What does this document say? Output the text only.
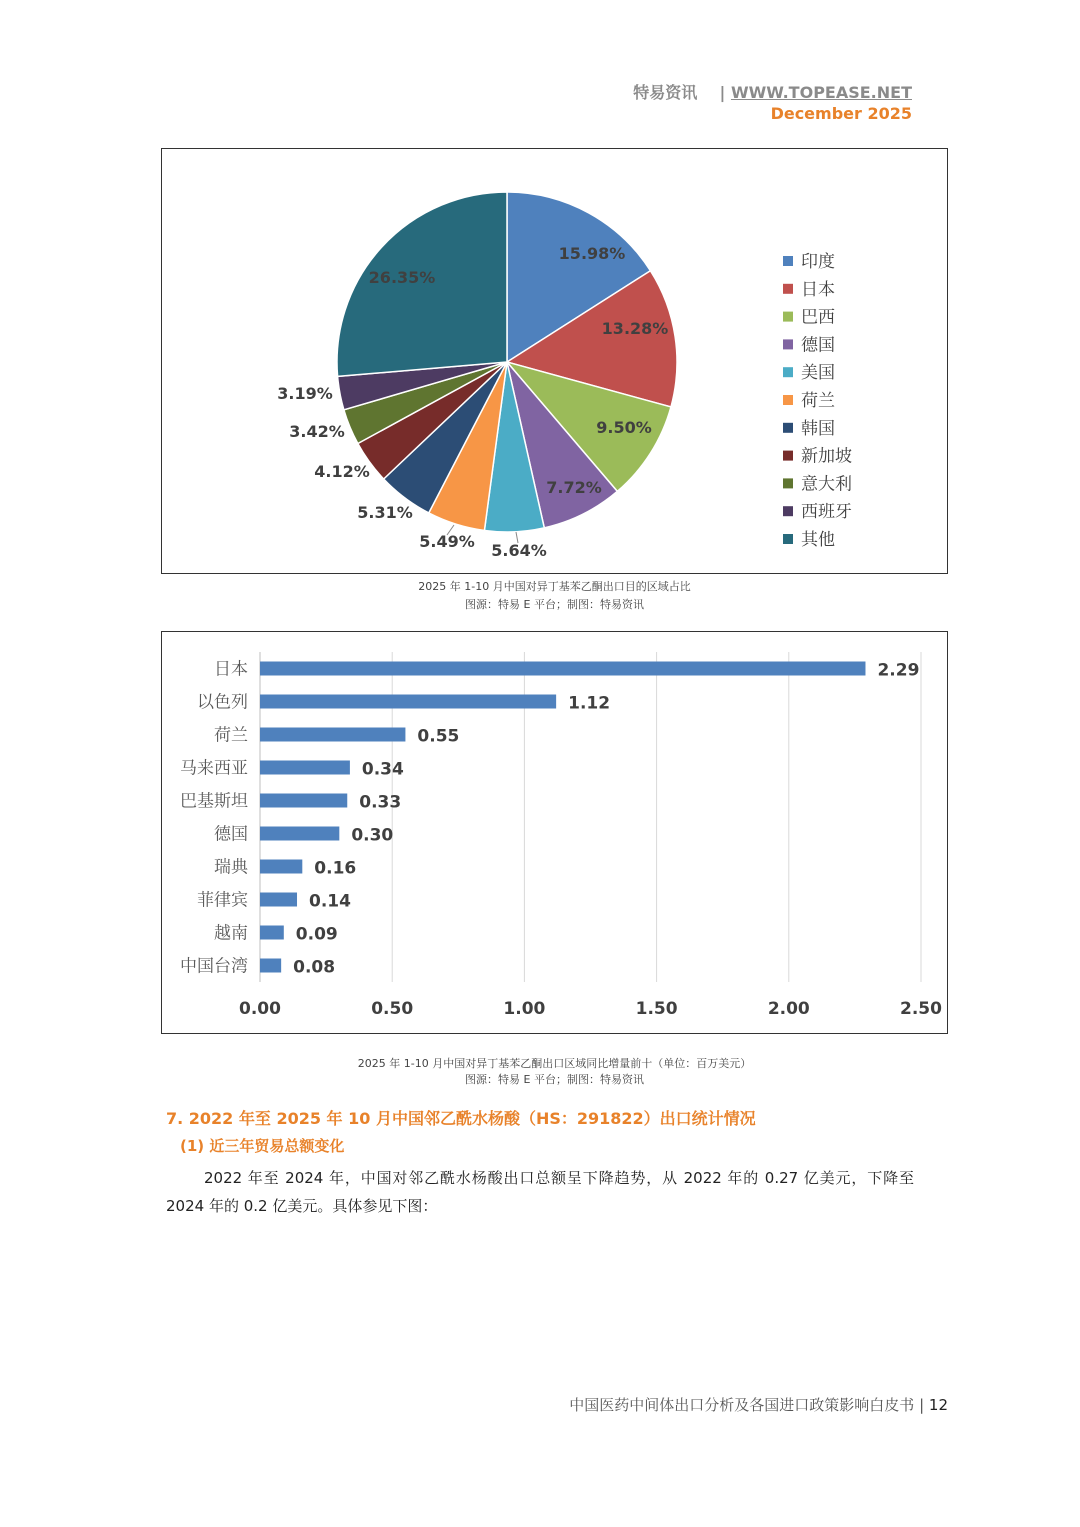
特易资讯 | WWW.TOPEASE.NET
December 2025
15.98%
13.28%
9.50%
7.72%
5.64%
5.49%
5.31%
4.12%
3.42%
3.19%
26.35%
印度
日本
巴西
德国
美国
荷兰
韩国
新加坡
意大利
西班牙
其他
2025 年 1-10 月中国对异丁基苯乙酮出口目的区域占比
图源：特易 E 平台；制图：特易资讯
0.00	0.50	1.00	1.50	2.00	2.50
日本	2.29
以色列	1.12
荷兰	0.55
马来西亚	0.34
巴基斯坦	0.33
德国	0.30
瑞典	0.16
菲律宾	0.14
越南	0.09
中国台湾	0.08
2025 年 1-10 月中国对异丁基苯乙酮出口区域同比增量前十（单位：百万美元）
图源：特易 E 平台；制图：特易资讯
7. 2022 年至 2025 年 10 月中国邻乙酰水杨酸（HS：291822）出口统计情况
(1) 近三年贸易总额变化
2022 年至 2024 年，中国对邻乙酰水杨酸出口总额呈下降趋势，从 2022 年的 0.27 亿美元，下降至 2024 年的 0.2 亿美元。具体参见下图：
中国医药中间体出口分析及各国进口政策影响白皮书 | 12
